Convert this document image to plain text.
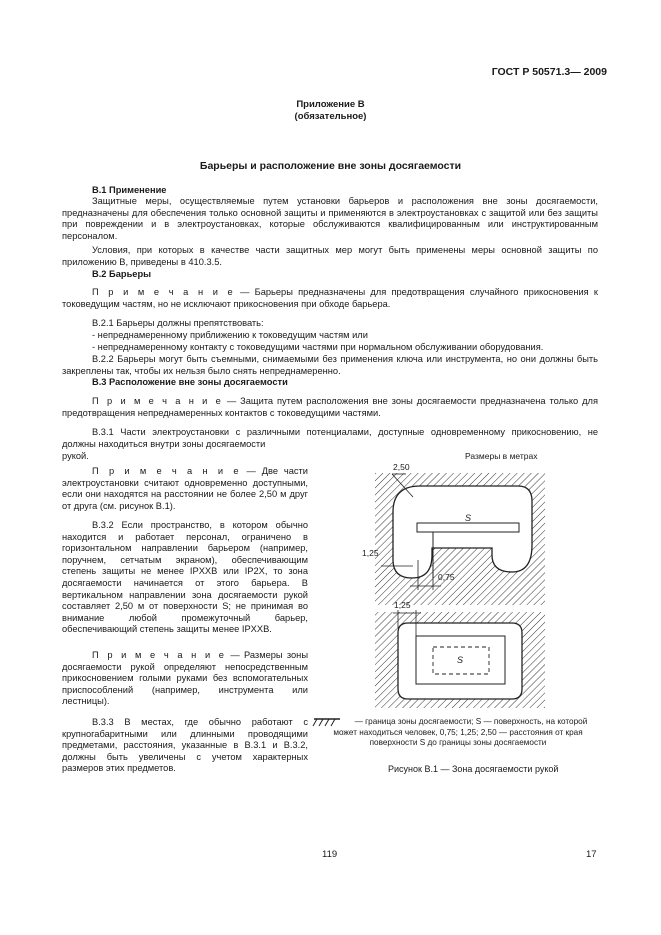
ГОСТ Р 50571.3— 2009
Приложение В
(обязательное)
Барьеры и расположение вне зоны досягаемости
В.1 Применение
Защитные меры, осуществляемые путем установки барьеров и расположения вне зоны досягаемости, предназначены для обеспечения только основной защиты и применяются в электроустановках с защитой или без защиты при повреждении и в электроустановках, которые обслуживаются квалифицированным или инструктированным персоналом.
Условия, при которых в качестве части защитных мер могут быть применены меры основной защиты по приложению В, приведены в 410.3.5.
В.2 Барьеры
П р и м е ч а н и е — Барьеры предназначены для предотвращения случайного прикосновения к токоведущим частям, но не исключают прикосновения при обходе барьера.
В.2.1 Барьеры должны препятствовать:
- непреднамеренному приближению к токоведущим частям или
- непреднамеренному контакту с токоведущими частями при нормальном обслуживании оборудования.
В.2.2 Барьеры могут быть съемными, снимаемыми без применения ключа или инструмента, но они должны быть закреплены так, чтобы их нельзя было снять непреднамеренно.
В.3 Расположение вне зоны досягаемости
П р и м е ч а н и е — Защита путем расположения вне зоны досягаемости предназначена только для предотвращения непреднамеренных контактов с токоведущими частями.
В.3.1 Части электроустановки с различными потенциалами, доступные одновременному прикосновению, не должны находиться внутри зоны досягаемости
рукой.
П р и м е ч а н и е — Две части электроустановки считают одновременно доступными, если они находятся на расстоянии не более 2,50 м друг от друга (см. рисунок В.1).
В.3.2 Если пространство, в котором обычно находится и работает персонал, ограничено в горизонтальном направлении барьером (например, поручнем, сетчатым экраном), обеспечивающим степень защиты не менее IPXXB или IP2X, то зона досягаемости начинается от этого барьера. В вертикальном направлении зона досягаемости рукой составляет 2,50 м от поверхности S; не принимая во внимание любой промежуточный барьер, обеспечивающий степень защиты менее IPXXB.
П р и м е ч а н и е — Размеры зоны досягаемости рукой определяют непосредственным прикосновением голыми руками без вспомогательных приспособлений (например, инструмента или лестницы).
В.3.3 В местах, где обычно работают с крупногабаритными или длинными проводящими предметами, расстояния, указанные в В.3.1 и В.3.2, должны быть увеличены с учетом характерных размеров этих предметов.
Размеры в метрах
2,50
1,25
0,75
1,25
S
S
— граница зоны досягаемости; S — поверхность, на которой может находиться человек, 0,75; 1,25; 2,50 — расстояния от края поверхности S до границы зоны досягаемости
Рисунок В.1 — Зона досягаемости рукой
119	17
